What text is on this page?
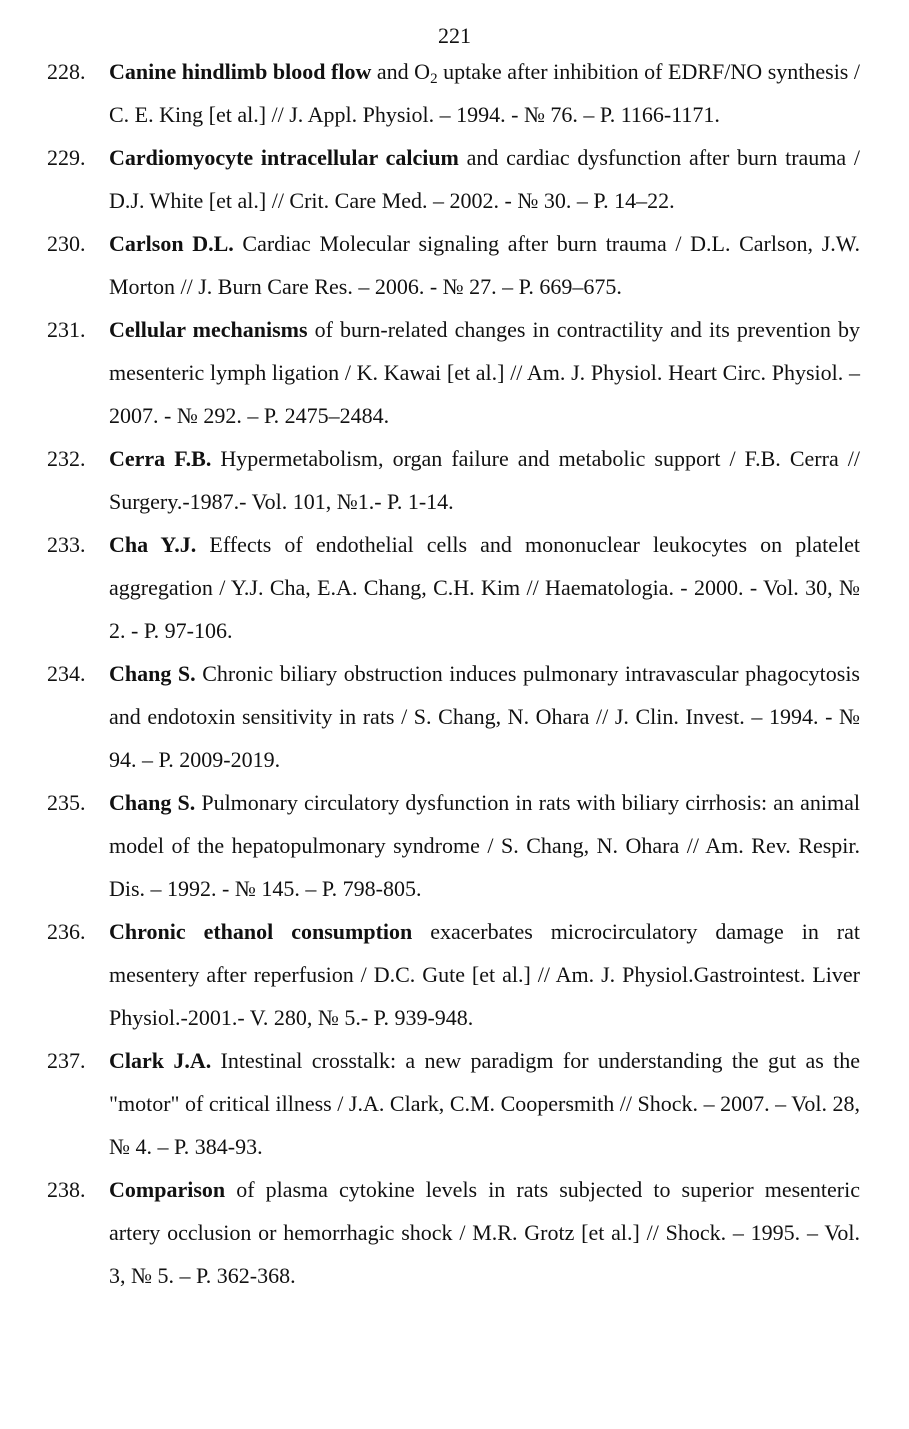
221
228. Canine hindlimb blood flow and $O_2$ uptake after inhibition of EDRF/NO synthesis / C. E. King [et al.] // J. Appl. Physiol. – 1994. - № 76. – P. 1166-1171.
229. Cardiomyocyte intracellular calcium and cardiac dysfunction after burn trauma / D.J. White [et al.] // Crit. Care Med. – 2002. - № 30. – P. 14–22.
230. Carlson D.L. Cardiac Molecular signaling after burn trauma / D.L. Carlson, J.W. Morton // J. Burn Care Res. – 2006. - № 27. – P. 669–675.
231. Cellular mechanisms of burn-related changes in contractility and its prevention by mesenteric lymph ligation / K. Kawai [et al.] // Am. J. Physiol. Heart Circ. Physiol. – 2007. - № 292. – P. 2475–2484.
232. Cerra F.B. Hypermetabolism, organ failure and metabolic support / F.B. Cerra // Surgery.-1987.- Vol. 101, №1.- P. 1-14.
233. Cha Y.J. Effects of endothelial cells and mononuclear leukocytes on platelet aggregation / Y.J. Cha, E.A. Chang, C.H. Kim // Haematologia. - 2000. - Vol. 30, № 2. - P. 97-106.
234. Chang S. Chronic biliary obstruction induces pulmonary intravascular phagocytosis and endotoxin sensitivity in rats / S. Chang, N. Ohara // J. Clin. Invest. – 1994. - № 94. – P. 2009-2019.
235. Chang S. Pulmonary circulatory dysfunction in rats with biliary cirrhosis: an animal model of the hepatopulmonary syndrome / S. Chang, N. Ohara // Am. Rev. Respir. Dis. – 1992. - № 145. – P. 798-805.
236. Chronic ethanol consumption exacerbates microcirculatory damage in rat mesentery after reperfusion / D.C. Gute [et al.] // Am. J. Physiol.Gastrointest. Liver Physiol.-2001.- V. 280, № 5.- P. 939-948.
237. Clark J.A. Intestinal crosstalk: a new paradigm for understanding the gut as the "motor" of critical illness / J.A. Clark, C.M. Coopersmith // Shock. – 2007. – Vol. 28, № 4. – P. 384-93.
238. Comparison of plasma cytokine levels in rats subjected to superior mesenteric artery occlusion or hemorrhagic shock / M.R. Grotz [et al.] // Shock. – 1995. – Vol. 3, № 5. – P. 362-368.
